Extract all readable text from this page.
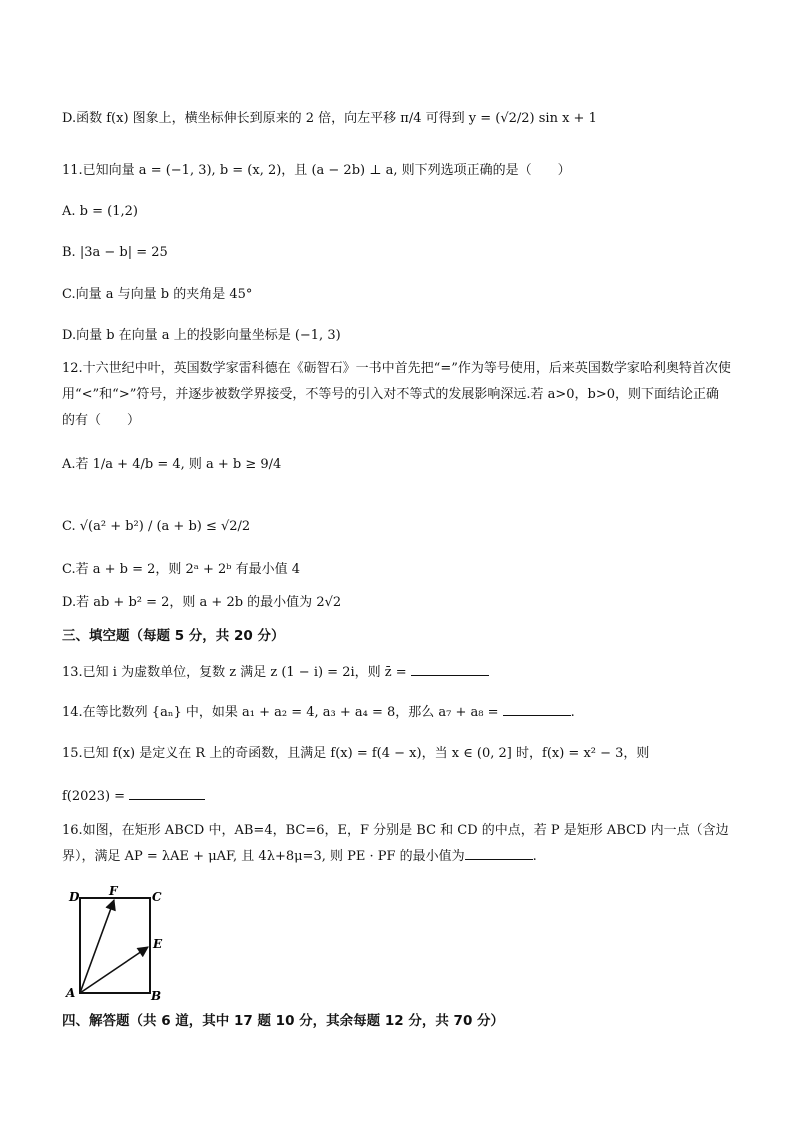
D.函数 f(x) 图象上，横坐标伸长到原来的 2 倍，向左平移 π/4 可得到 y = (√2/2) sin x + 1
11.已知向量 a = (−1, 3), b = (x, 2)，且 (a − 2b) ⊥ a, 则下列选项正确的是（　　）
A. b = (1,2)
B. |3a − b| = 25
C.向量 a 与向量 b 的夹角是 45°
D.向量 b 在向量 a 上的投影向量坐标是 (−1, 3)
12.十六世纪中叶，英国数学家雷科德在《砺智石》一书中首先把“=”作为等号使用，后来英国数学家哈利奥特首次使用“<”和“>”符号，并逐步被数学界接受，不等号的引入对不等式的发展影响深远.若 a>0，b>0，则下面结论正确的有（　　）
A.若 1/a + 4/b = 4, 则 a + b ≥ 9/4
C. √(a² + b²) / (a + b) ≤ √2/2
C.若 a + b = 2，则 2ᵃ + 2ᵇ 有最小值 4
D.若 ab + b² = 2，则 a + 2b 的最小值为 2√2
三、填空题（每题 5 分，共 20 分）
13.已知 i 为虚数单位，复数 z 满足 z (1 − i) = 2i，则 z̄ =
14.在等比数列 {aₙ} 中，如果 a₁ + a₂ = 4, a₃ + a₄ = 8，那么 a₇ + a₈ =	.
15.已知 f(x) 是定义在 R 上的奇函数，且满足 f(x) = f(4 − x)，当 x ∈ (0, 2] 时，f(x) = x² − 3，则
f(2023) =
16.如图，在矩形 ABCD 中，AB=4，BC=6，E，F 分别是 BC 和 CD 的中点，若 P 是矩形 ABCD 内一点（含边界），满足 AP = λAE + μAF, 且 4λ+8μ=3, 则 PE · PF 的最小值为	.
D F	C
E
A	B
四、解答题（共 6 道，其中 17 题 10 分，其余每题 12 分，共 70 分）
